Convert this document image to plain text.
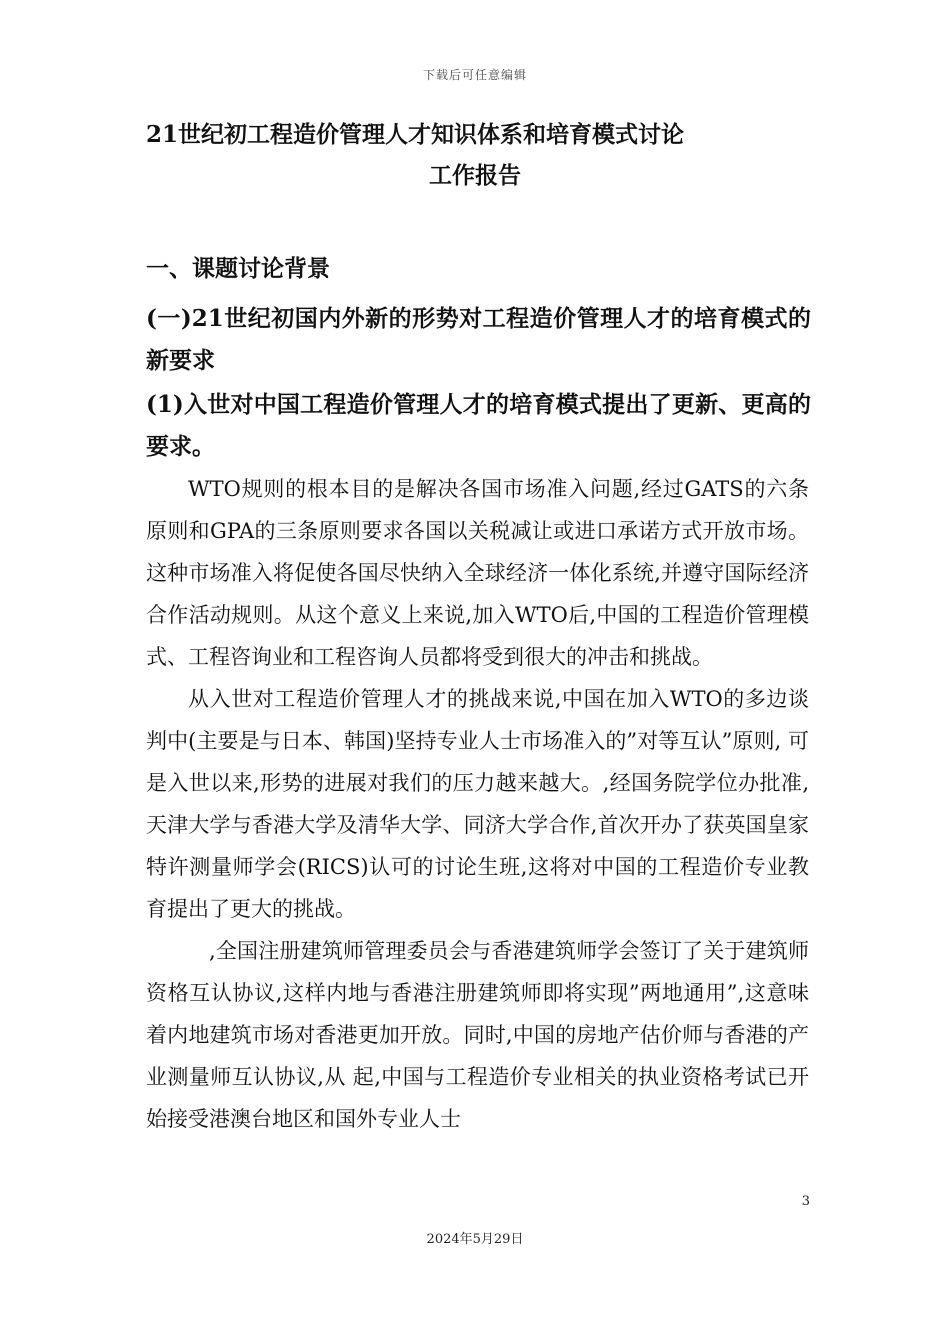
下载后可任意编辑
21世纪初工程造价管理人才知识体系和培育模式讨论
工作报告
一、课题讨论背景
(一)21世纪初国内外新的形势对工程造价管理人才的培育模式的新要求
(1)入世对中国工程造价管理人才的培育模式提出了更新、更高的要求。

WTO规则的根本目的是解决各国市场准入问题,经过GATS的六条原则和GPA的三条原则要求各国以关税减让或进口承诺方式开放市场。这种市场准入将促使各国尽快纳入全球经济一体化系统,并遵守国际经济合作活动规则。从这个意义上来说,加入WTO后,中国的工程造价管理模式、工程咨询业和工程咨询人员都将受到很大的冲击和挑战。

从入世对工程造价管理人才的挑战来说,中国在加入WTO的多边谈判中(主要是与日本、韩国)坚持专业人士市场准入的”对等互认”原则, 可是入世以来,形势的进展对我们的压力越来越大。,经国务院学位办批准,天津大学与香港大学及清华大学、同济大学合作,首次开办了获英国皇家特许测量师学会(RICS)认可的讨论生班,这将对中国的工程造价专业教育提出了更大的挑战。

,全国注册建筑师管理委员会与香港建筑师学会签订了关于建筑师资格互认协议,这样内地与香港注册建筑师即将实现”两地通用”,这意味着内地建筑市场对香港更加开放。同时,中国的房地产估价师与香港的产业测量师互认协议,从 起,中国与工程造价专业相关的执业资格考试已开始接受港澳台地区和国外专业人士

3
2024年5月29日
